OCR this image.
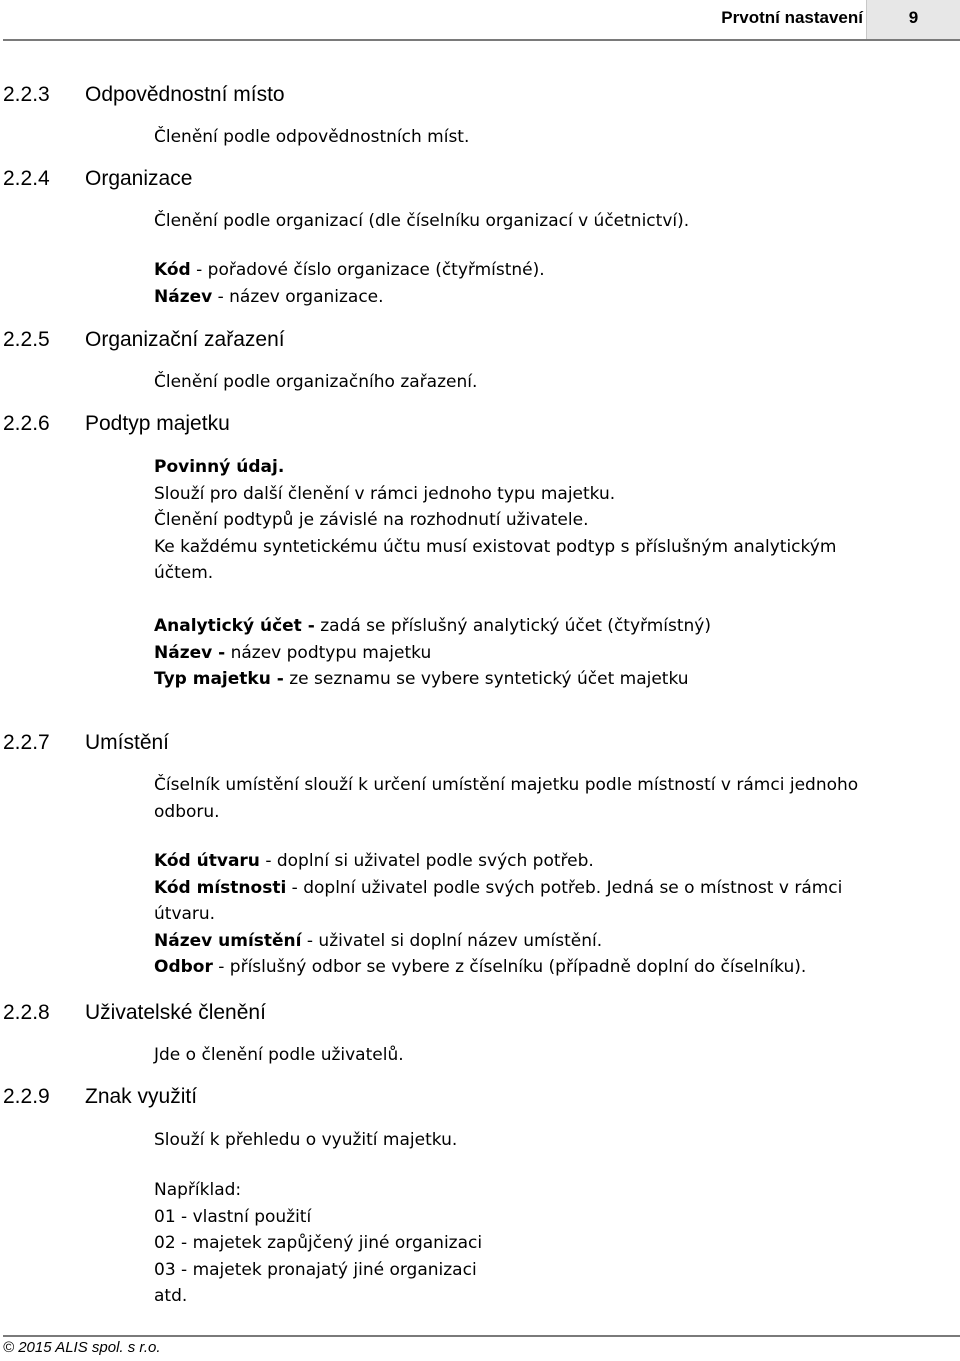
Prvotní nastavení	9
2.2.3 Odpovědnostní místo
Členění podle odpovědnostních míst.
2.2.4 Organizace
Členění podle organizací (dle číselníku organizací v účetnictví).
Kód - pořadové číslo organizace (čtyřmístné).
Název - název organizace.
2.2.5 Organizační zařazení
Členění podle organizačního zařazení.
2.2.6 Podtyp majetku
Povinný údaj.
Slouží pro další členění v rámci jednoho typu majetku.
Členění podtypů je závislé na rozhodnutí uživatele.
Ke každému syntetickému účtu musí existovat podtyp s příslušným analytickým
účtem.
Analytický účet - zadá se příslušný analytický účet (čtyřmístný)
Název - název podtypu majetku
Typ majetku - ze seznamu se vybere syntetický účet majetku
2.2.7 Umístění
Číselník umístění slouží k určení umístění majetku podle místností v rámci jednoho
odboru.
Kód útvaru - doplní si uživatel podle svých potřeb.
Kód místnosti - doplní uživatel podle svých potřeb. Jedná se o místnost v rámci
útvaru.
Název umístění - uživatel si doplní název umístění.
Odbor - příslušný odbor se vybere z číselníku (případně doplní do číselníku).
2.2.8 Uživatelské členění
Jde o členění podle uživatelů.
2.2.9 Znak využití
Slouží k přehledu o využití majetku.
Například:
01 - vlastní použití
02 - majetek zapůjčený jiné organizaci
03 - majetek pronajatý jiné organizaci
atd.
© 2015 ALIS spol. s r.o.
